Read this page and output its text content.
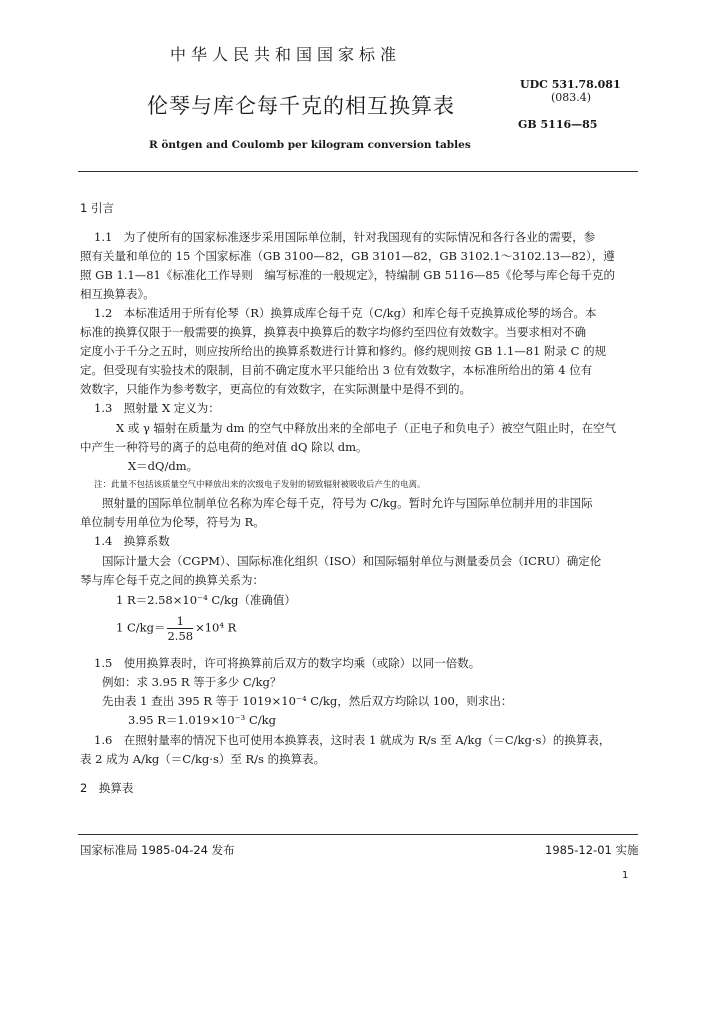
中华人民共和国国家标准
伦琴与库仑每千克的相互换算表
UDC 531.78.081
(083.4)
GB 5116—85
R öntgen and Coulomb per kilogram conversion tables
1 引言
1.1　为了使所有的国家标准逐步采用国际单位制，针对我国现有的实际情况和各行各业的需要，参
照有关量和单位的 15 个国家标准（GB 3100—82，GB 3101—82，GB 3102.1～3102.13—82），遵
照 GB 1.1—81《标准化工作导则　编写标准的一般规定》，特编制 GB 5116—85《伦琴与库仑每千克的
相互换算表》。
1.2　本标准适用于所有伦琴（R）换算成库仑每千克（C/kg）和库仑每千克换算成伦琴的场合。本
标准的换算仅限于一般需要的换算，换算表中换算后的数字均修约至四位有效数字。当要求相对不确
定度小于千分之五时，则应按所给出的换算系数进行计算和修约。修约规则按 GB 1.1—81 附录 C 的规
定。但受现有实验技术的限制，目前不确定度水平只能给出 3 位有效数字，本标准所给出的第 4 位有
效数字，只能作为参考数字，更高位的有效数字，在实际测量中是得不到的。
1.3　照射量 X 定义为：
X 或 γ 辐射在质量为 dm 的空气中释放出来的全部电子（正电子和负电子）被空气阻止时，在空气
中产生一种符号的离子的总电荷的绝对值 dQ 除以 dm。
X＝dQ/dm。
注：此量不包括该质量空气中释放出来的次级电子发射的韧致辐射被吸收后产生的电离。
照射量的国际单位制单位名称为库仑每千克，符号为 C/kg。暂时允许与国际单位制并用的非国际
单位制专用单位为伦琴，符号为 R。
1.4　换算系数
国际计量大会（CGPM）、国际标准化组织（ISO）和国际辐射单位与测量委员会（ICRU）确定伦
琴与库仑每千克之间的换算关系为：
1 R＝2.58×10⁻⁴ C/kg（准确值）
1 $C/kg= \frac{1}{2.58} \times 10^4$ R
1.5　使用换算表时，许可将换算前后双方的数字均乘（或除）以同一倍数。
例如：求 3.95 R 等于多少 C/kg？
先由表 1 查出 395 R 等于 1019×10⁻⁴ C/kg，然后双方均除以 100，则求出：
3.95 R＝1.019×10⁻³ C/kg
1.6　在照射量率的情况下也可使用本换算表，这时表 1 就成为 R/s 至 A/kg（＝C/kg·s）的换算表，
表 2 成为 A/kg（＝C/kg·s）至 R/s 的换算表。
2　换算表
国家标准局 1985-04-24 发布	1985-12-01 实施
1
